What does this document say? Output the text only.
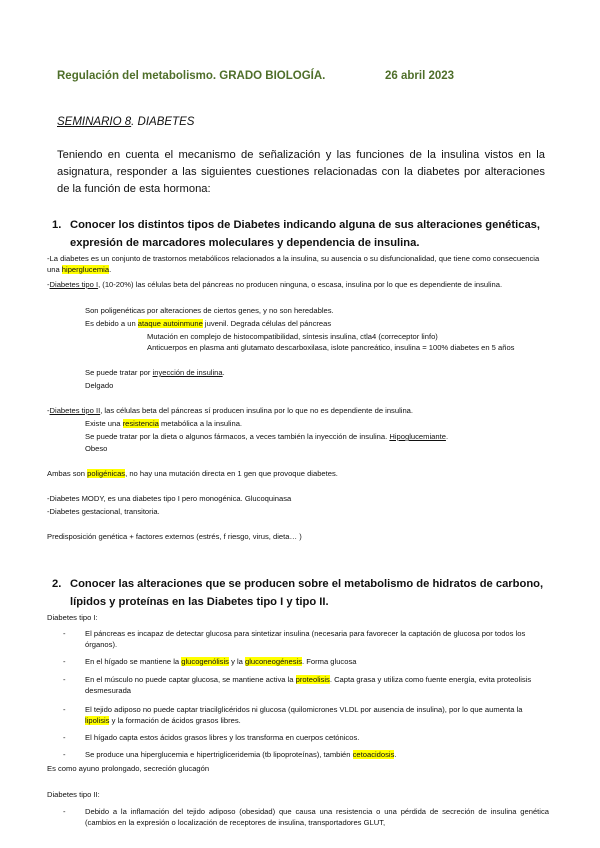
Regulación del metabolismo. GRADO BIOLOGÍA.	26 abril 2023
SEMINARIO 8. DIABETES
Teniendo en cuenta el mecanismo de señalización y las funciones de la insulina vistos en la asignatura, responder a las siguientes cuestiones relacionadas con la diabetes por alteraciones de la función de esta hormona:
1. Conocer los distintos tipos de Diabetes indicando alguna de sus alteraciones genéticas, expresión de marcadores moleculares y dependencia de insulina.
-La diabetes es un conjunto de trastornos metabólicos relacionados a la insulina, su ausencia o su disfuncionalidad, que tiene como consecuencia una hiperglucemia.
-Diabetes tipo I, (10-20%) las células beta del páncreas no producen ninguna, o escasa, insulina por lo que es dependiente de insulina.
Son poligenéticas por alteraciones de ciertos genes, y no son heredables.
Es debido a un ataque autoinmune juvenil. Degrada células del páncreas
Mutación en complejo de histocompatibilidad, síntesis insulina, ctla4 (correceptor linfo)
Anticuerpos en plasma anti glutamato descarboxilasa, islote pancreático, insulina = 100% diabetes en 5 años
Se puede tratar por inyección de insulina.
Delgado
-Diabetes tipo II, las células beta del páncreas sí producen insulina por lo que no es dependiente de insulina.
Existe una resistencia metabólica a la insulina.
Se puede tratar por la dieta o algunos fármacos, a veces también la inyección de insulina. Hipoglucemiante.
Obeso
Ambas son poligénicas, no hay una mutación directa en 1 gen que provoque diabetes.
-Diabetes MODY, es una diabetes tipo I pero monogénica. Glucoquinasa
-Diabetes gestacional, transitoria.
Predisposición genética + factores externos (estrés, f riesgo, virus, dieta… )
2. Conocer las alteraciones que se producen sobre el metabolismo de hidratos de carbono, lípidos y proteínas en las Diabetes tipo I y tipo II.
Diabetes tipo I:
-	El páncreas es incapaz de detectar glucosa para sintetizar insulina (necesaria para favorecer la captación de glucosa por todos los órganos).
-	En el hígado se mantiene la glucogenólisis y la gluconeogénesis. Forma glucosa
-	En el músculo no puede captar glucosa, se mantiene activa la proteolisis. Capta grasa y utiliza como fuente energía, evita proteolisis desmesurada
-	El tejido adiposo no puede captar triacilglicéridos ni glucosa (quilomicrones VLDL por ausencia de insulina), por lo que aumenta la lipolisis y la formación de ácidos grasos libres.
-	El hígado capta estos ácidos grasos libres y los transforma en cuerpos cetónicos.
-	Se produce una hiperglucemia e hipertrigliceridemia (tb lipoproteínas), también cetoacidosis.
Es como ayuno prolongado, secreción glucagón
Diabetes tipo II:
-	Debido a la inflamación del tejido adiposo (obesidad) que causa una resistencia o una pérdida de secreción de insulina genética (cambios en la expresión o localización de receptores de insulina, transportadores GLUT,
